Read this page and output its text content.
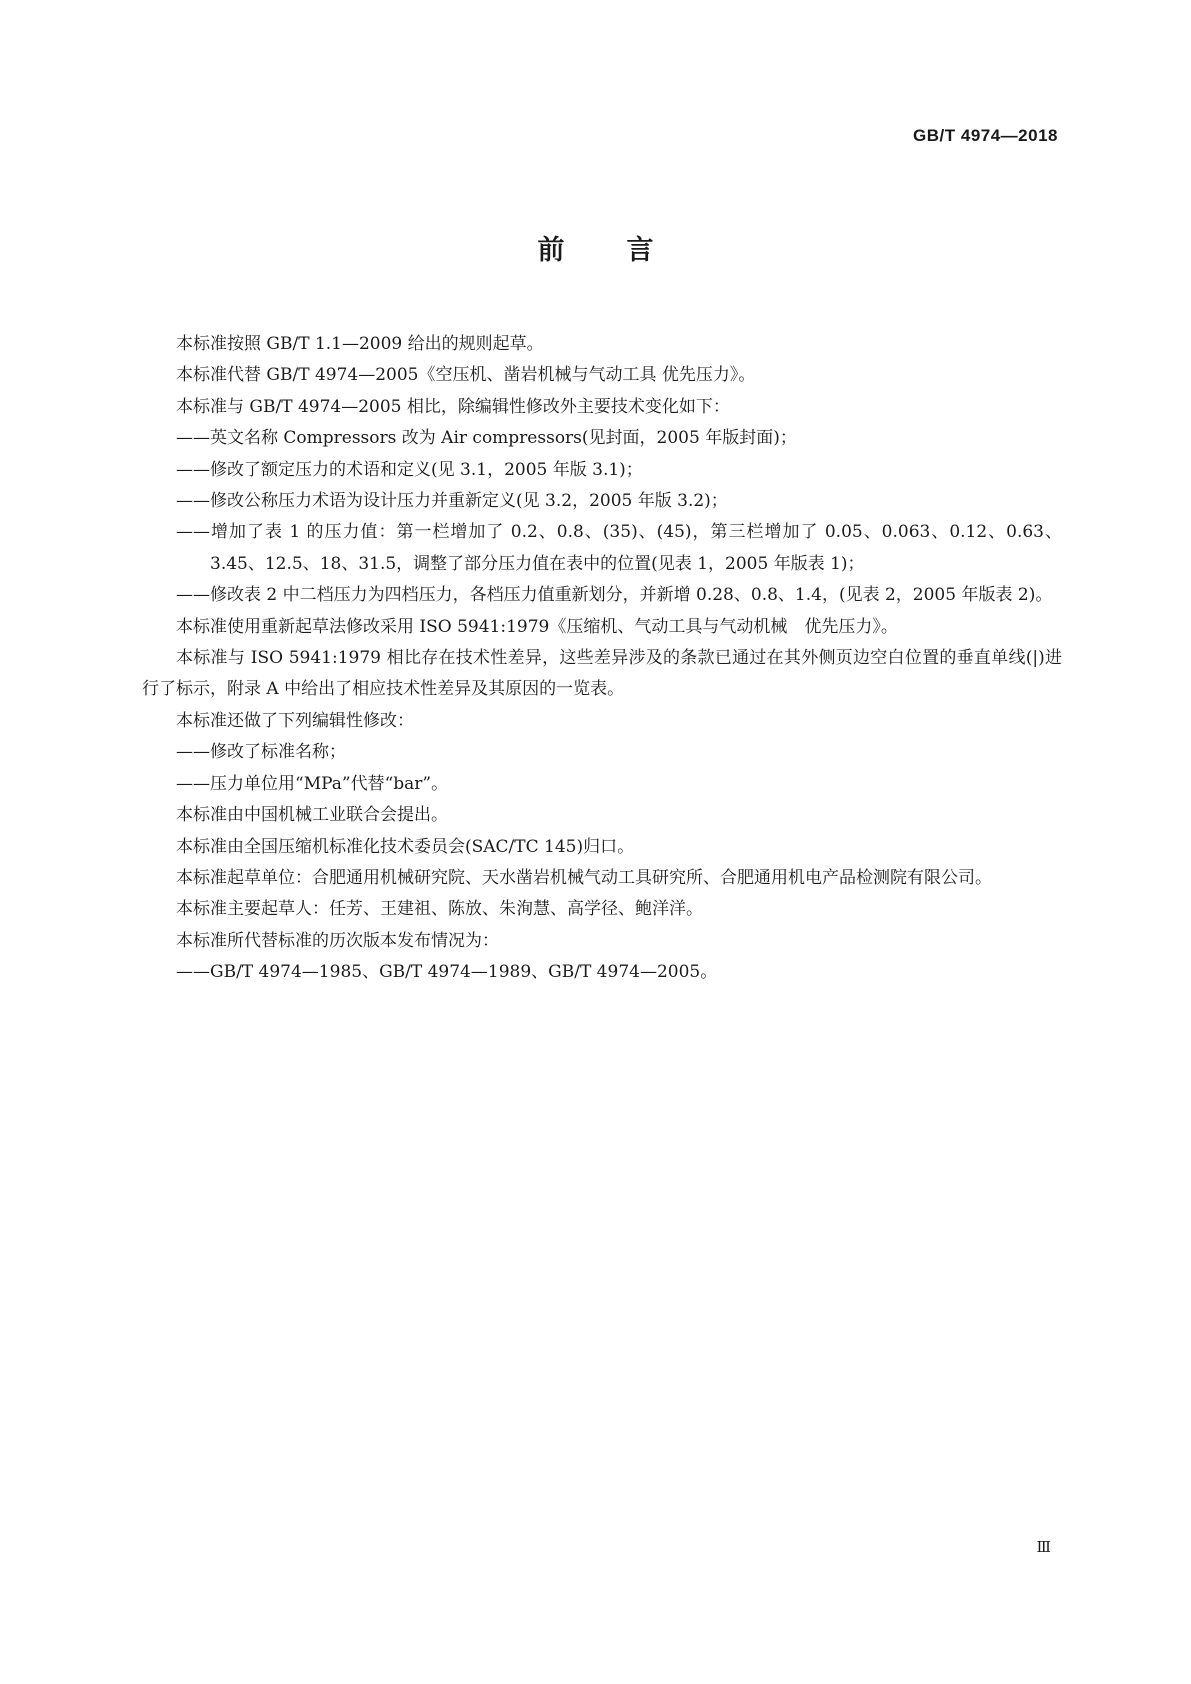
GB/T 4974—2018
前言

本标准按照 GB/T 1.1—2009 给出的规则起草。

本标准代替 GB/T 4974—2005《空压机、凿岩机械与气动工具 优先压力》。

本标准与 GB/T 4974—2005 相比，除编辑性修改外主要技术变化如下：

——英文名称 Compressors 改为 Air compressors(见封面，2005 年版封面)；

——修改了额定压力的术语和定义(见 3.1，2005 年版 3.1)；

——修改公称压力术语为设计压力并重新定义(见 3.2，2005 年版 3.2)；

——增加了表 1 的压力值：第一栏增加了 0.2、0.8、(35)、(45)，第三栏增加了 0.05、0.063、0.12、0.63、3.45、12.5、18、31.5，调整了部分压力值在表中的位置(见表 1，2005 年版表 1)；

——修改表 2 中二档压力为四档压力，各档压力值重新划分，并新增 0.28、0.8、1.4，(见表 2，2005 年版表 2)。

本标准使用重新起草法修改采用 ISO 5941:1979《压缩机、气动工具与气动机械　优先压力》。

本标准与 ISO 5941:1979 相比存在技术性差异，这些差异涉及的条款已通过在其外侧页边空白位置的垂直单线(|)进行了标示，附录 A 中给出了相应技术性差异及其原因的一览表。

本标准还做了下列编辑性修改：

——修改了标准名称；

——压力单位用“MPa”代替“bar”。

本标准由中国机械工业联合会提出。

本标准由全国压缩机标准化技术委员会(SAC/TC 145)归口。

本标准起草单位：合肥通用机械研究院、天水凿岩机械气动工具研究所、合肥通用机电产品检测院有限公司。

本标准主要起草人：任芳、王建祖、陈放、朱洵慧、高学径、鲍洋洋。

本标准所代替标准的历次版本发布情况为：

——GB/T 4974—1985、GB/T 4974—1989、GB/T 4974—2005。

Ⅲ
